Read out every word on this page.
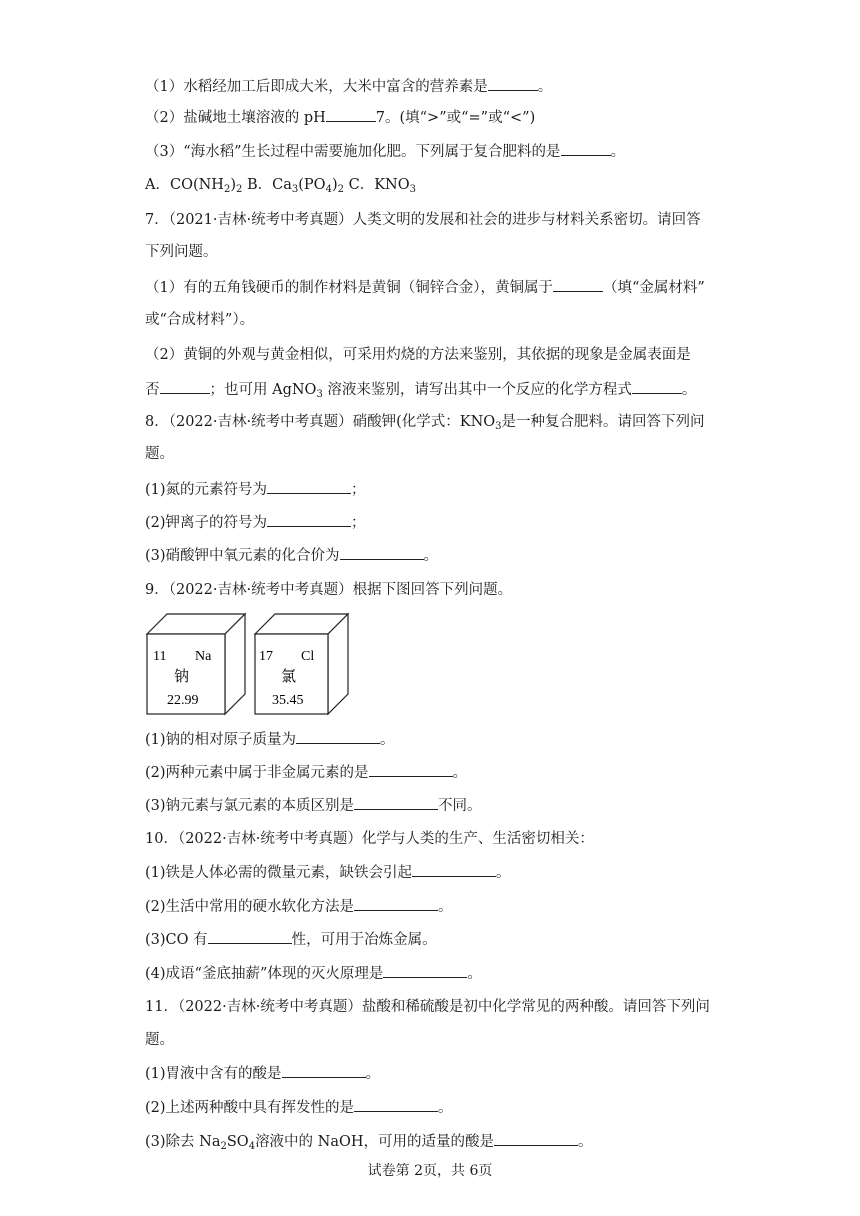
（1）水稻经加工后即成大米，大米中富含的营养素是	。
（2）盐碱地土壤溶液的 pH	7。(填“>”或“=”或“<”)
（3）“海水稻”生长过程中需要施加化肥。下列属于复合肥料的是	。
A．$CO(NH_2)_2$ B．$Ca_3(PO_4)_2$ C．$KNO_3$
7．（2021·吉林·统考中考真题）人类文明的发展和社会的进步与材料关系密切。请回答
下列问题。
（1）有的五角钱硬币的制作材料是黄铜（铜锌合金），黄铜属于	（填“金属材料”
或“合成材料”）。
（2）黄铜的外观与黄金相似，可采用灼烧的方法来鉴别，其依据的现象是金属表面是
否	；也可用 AgNO$_3$ 溶液来鉴别，请写出其中一个反应的化学方程式	。
8．（2022·吉林·统考中考真题）硝酸钾(化学式：$KNO_3$是一种复合肥料。请回答下列问
题。
(1)氮的元素符号为	；
(2)钾离子的符号为	；
(3)硝酸钾中氧元素的化合价为	。
9．（2022·吉林·统考中考真题）根据下图回答下列问题。
11 Na
钠
22.99
17 Cl
氯
35.45
(1)钠的相对原子质量为	。
(2)两种元素中属于非金属元素的是	。
(3)钠元素与氯元素的本质区别是	不同。
10．（2022·吉林·统考中考真题）化学与人类的生产、生活密切相关：
(1)铁是人体必需的微量元素，缺铁会引起	。
(2)生活中常用的硬水软化方法是	。
(3)CO 有	性，可用于冶炼金属。
(4)成语“釜底抽薪”体现的灭火原理是	。
11．（2022·吉林·统考中考真题）盐酸和稀硫酸是初中化学常见的两种酸。请回答下列问
题。
(1)胃液中含有的酸是	。
(2)上述两种酸中具有挥发性的是	。
(3)除去 $Na_2SO_4$溶液中的 NaOH，可用的适量的酸是	。
试卷第 2页，共 6页
